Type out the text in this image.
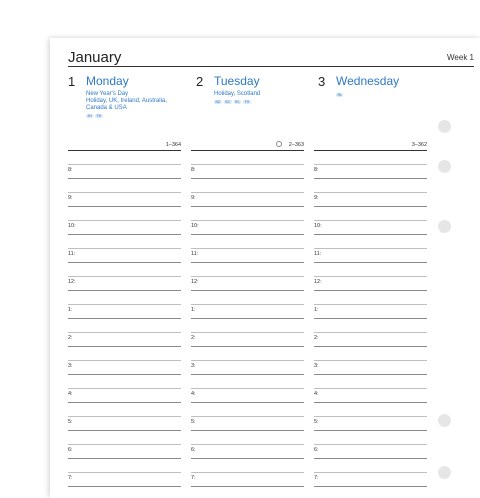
January	Week 1
1 Monday
New Year's Day
Holiday, UK, Ireland, Australia,
Canada & USA
JH	TK
2 Tuesday
Holiday, Scotland
NZ	SC	RL	TH
3 Wednesday
RL
1–364
8:
9:
10:
11:
12:
1:
2:
3:
4:
5:
6:
7:
2–363
8:
9:
10:
11:
12:
1:
2:
3:
4:
5:
6:
7:
3–362
8:
9:
10:
11:
12:
1:
2:
3:
4:
5:
6:
7:
